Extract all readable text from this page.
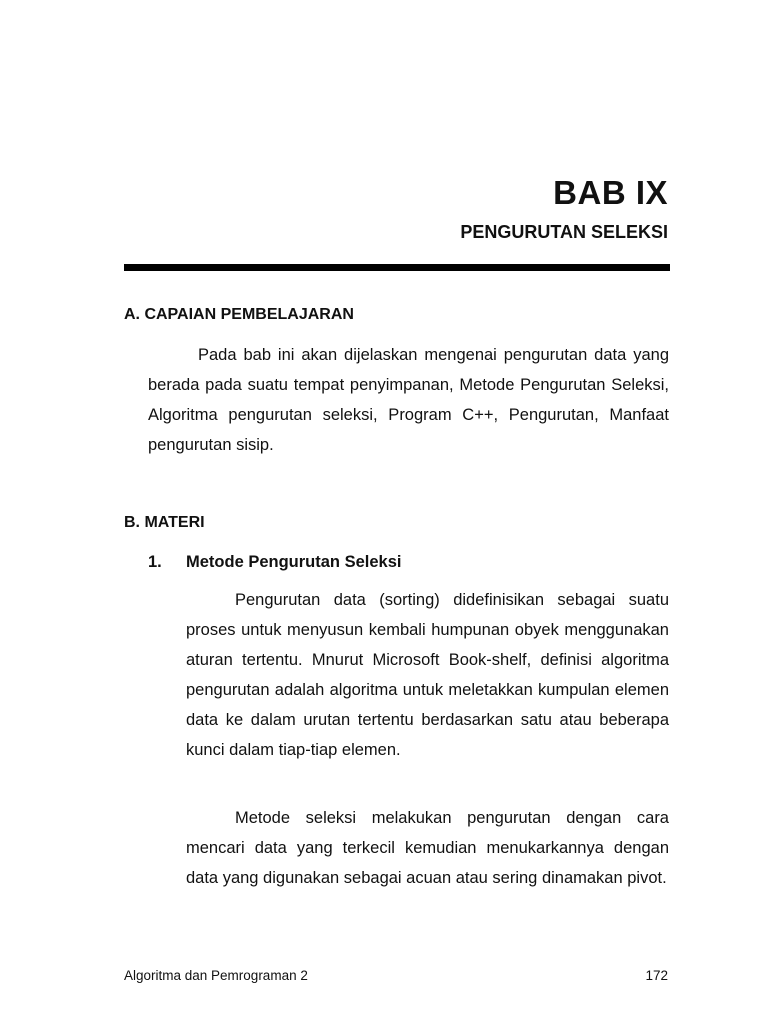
BAB IX
PENGURUTAN SELEKSI
A. CAPAIAN PEMBELAJARAN

Pada bab ini akan dijelaskan mengenai pengurutan data yang berada pada suatu tempat penyimpanan, Metode Pengurutan Seleksi, Algoritma pengurutan seleksi, Program C++, Pengurutan, Manfaat pengurutan sisip.

B. MATERI
1. Metode Pengurutan Seleksi

Pengurutan data (sorting) didefinisikan sebagai suatu proses untuk menyusun kembali humpunan obyek menggunakan aturan tertentu. Mnurut Microsoft Book-shelf, definisi algoritma pengurutan adalah algoritma untuk meletakkan kumpulan elemen data ke dalam urutan tertentu berdasarkan satu atau beberapa kunci dalam tiap-tiap elemen.

Metode seleksi melakukan pengurutan dengan cara mencari data yang terkecil kemudian menukarkannya dengan data yang digunakan sebagai acuan atau sering dinamakan pivot.

Algoritma dan Pemrograman 2	172
